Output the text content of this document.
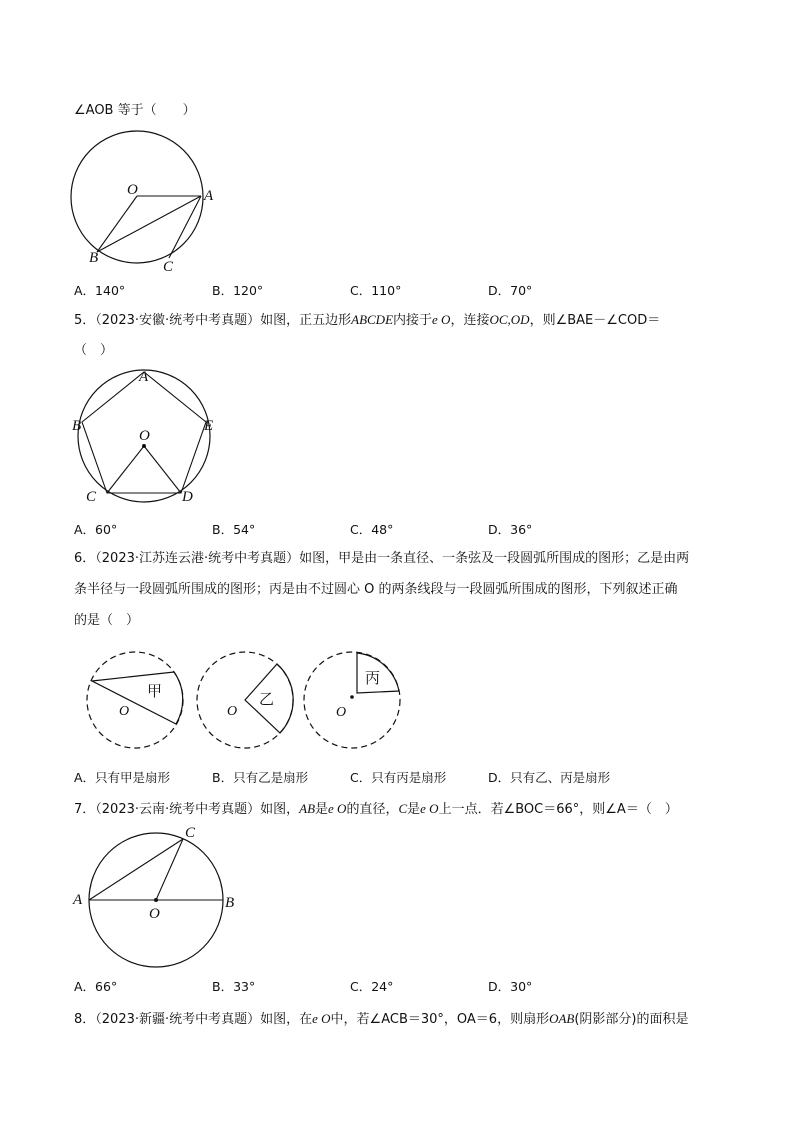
∠AOB 等于（　　）
O	A
B
C
A．140°	B．120°	C．110°	D．70°
5．（2023·安徽·统考中考真题）如图，正五边形ABCDE内接于e O，连接OC,OD，则∠BAE－∠COD＝
（　）
A
B	E
O
C	D
A．60°	B．54°	C．48°	D．36°
6．（2023·江苏连云港·统考中考真题）如图，甲是由一条直径、一条弦及一段圆弧所围成的图形；乙是由两
条半径与一段圆弧所围成的图形；丙是由不过圆心 O 的两条线段与一段圆弧所围成的图形，下列叙述正确
的是（　）
甲
O
乙
O
丙
O
A．只有甲是扇形	B．只有乙是扇形	C．只有丙是扇形	D．只有乙、丙是扇形
7．（2023·云南·统考中考真题）如图，AB是e O的直径，C是e O上一点．若∠BOC＝66°，则∠A＝（　）
A	B
C
O
A．66°	B．33°	C．24°	D．30°
8．（2023·新疆·统考中考真题）如图，在e O中，若∠ACB＝30°，OA＝6，则扇形OAB(阴影部分)的面积是
